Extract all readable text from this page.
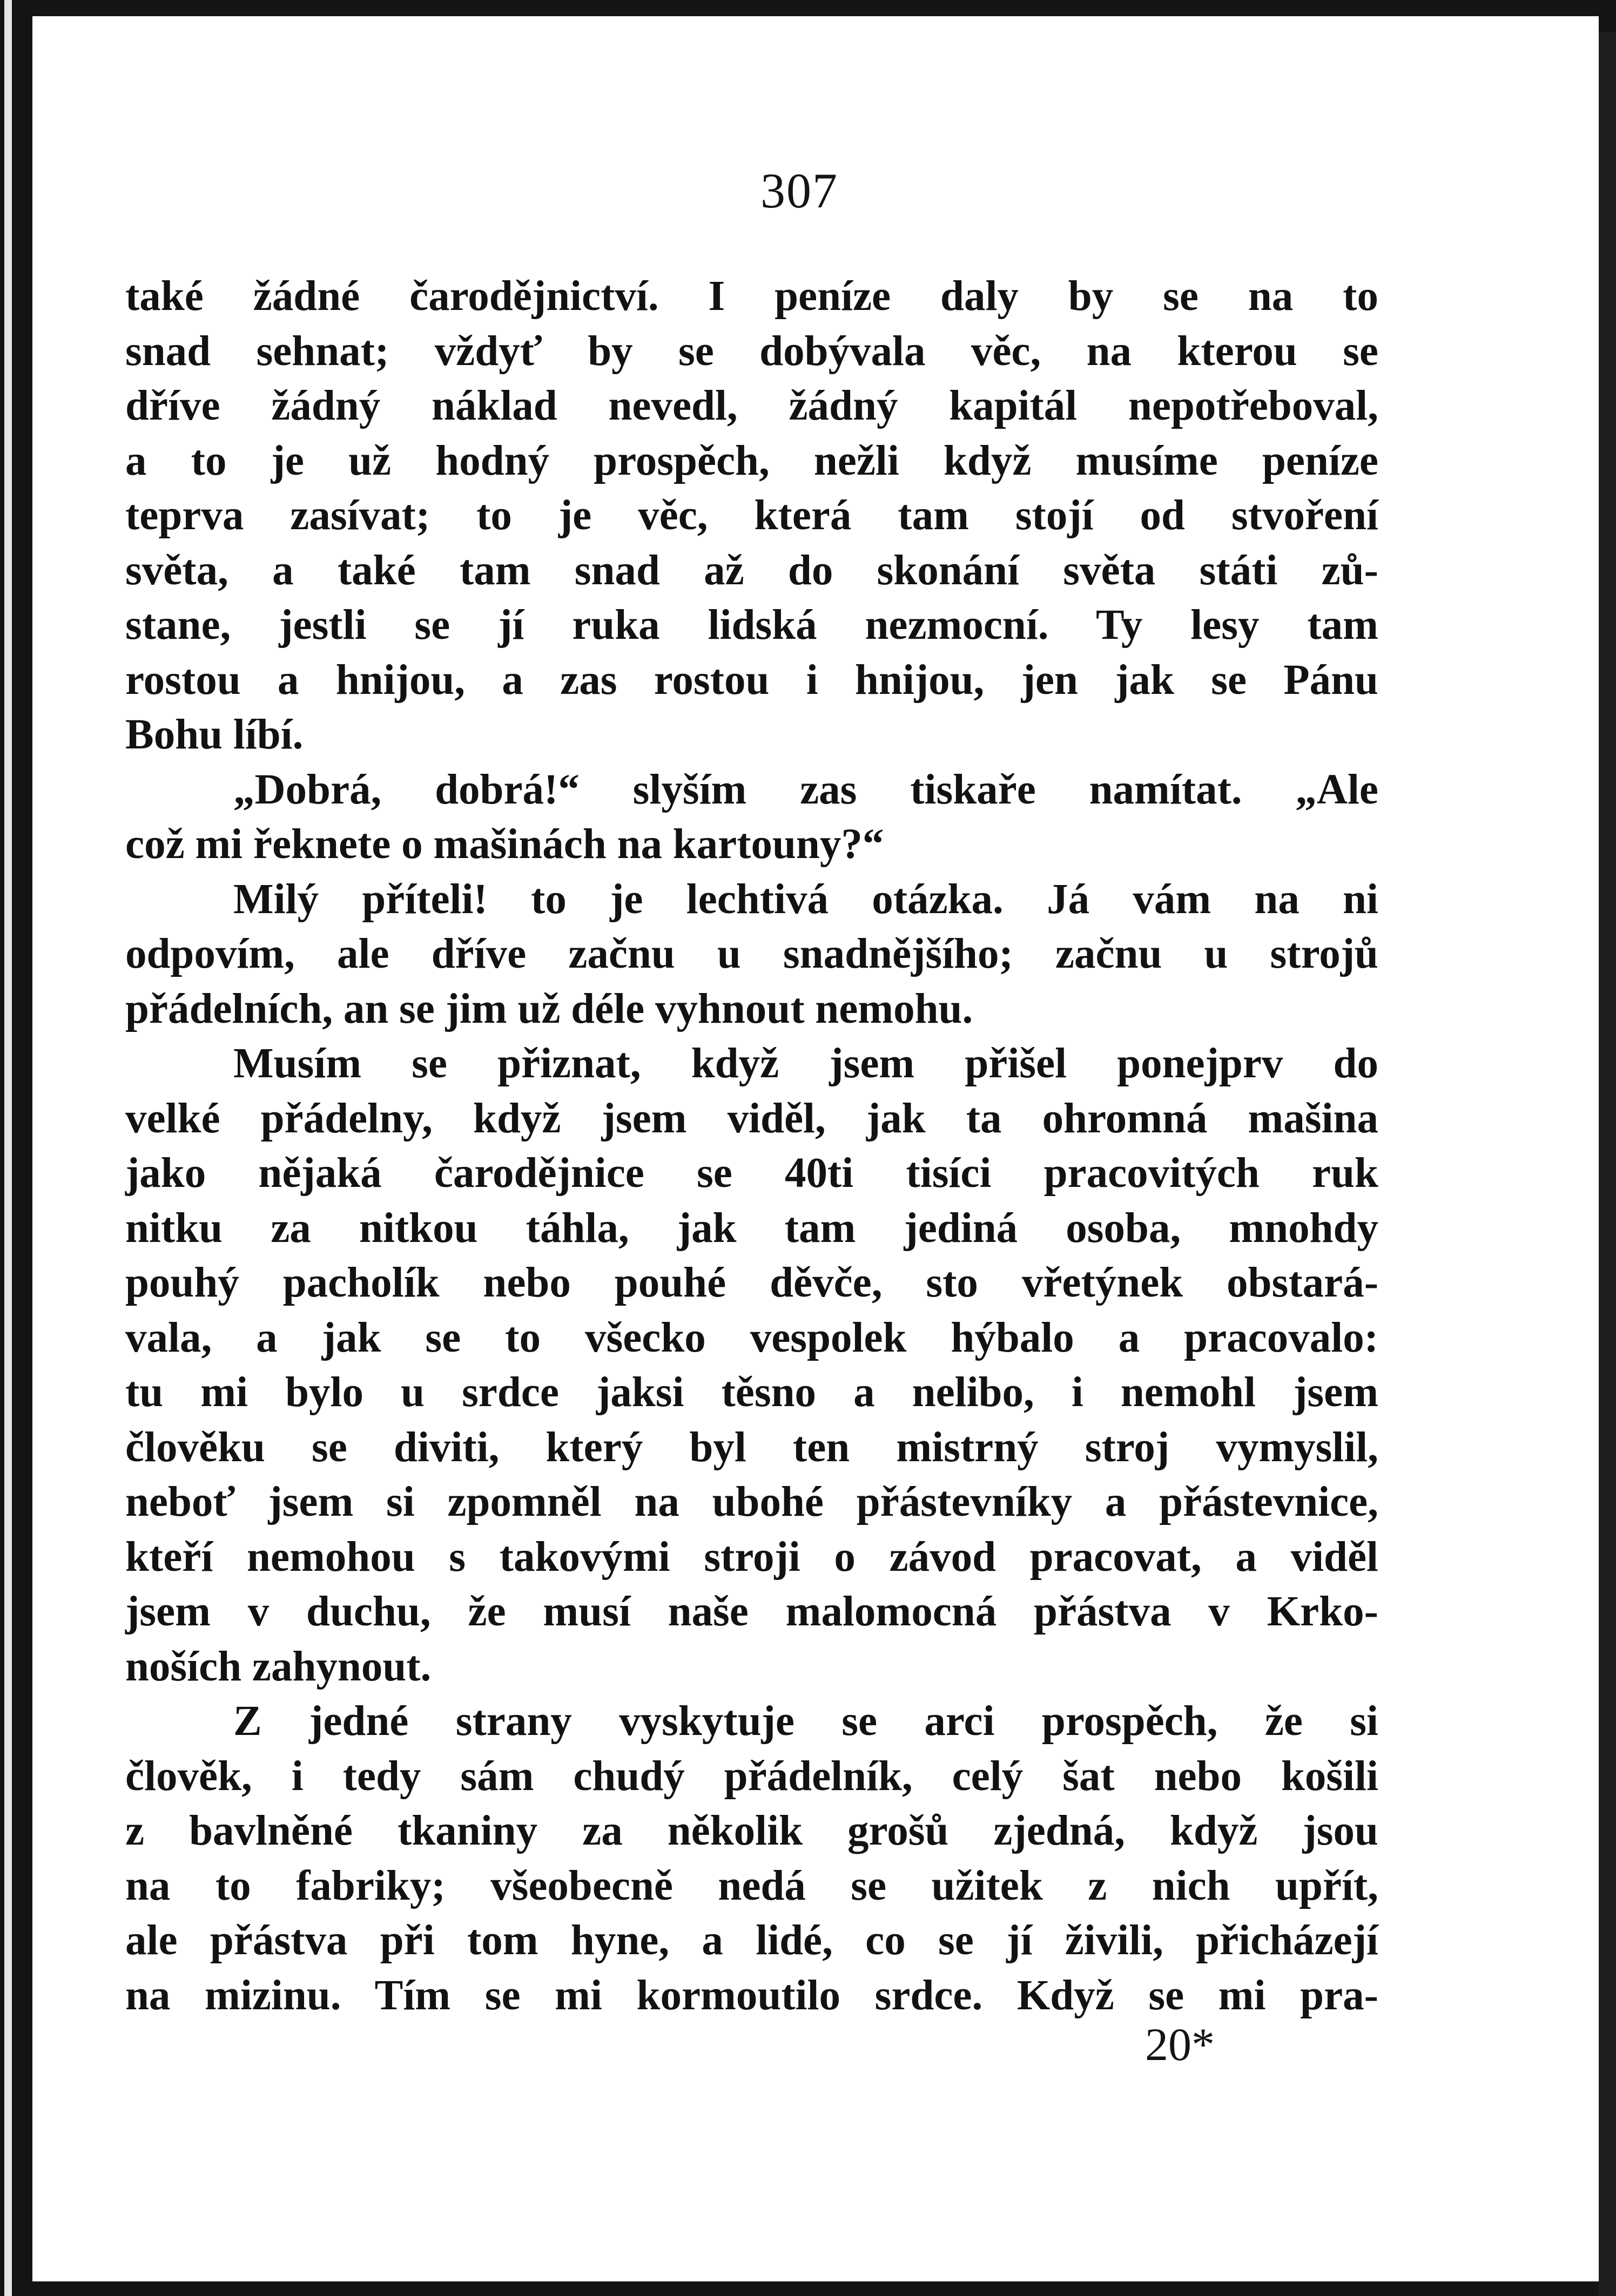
307
také žádné čarodějnictví. I peníze daly by se na to
snad sehnat; vždyť by se dobývala věc, na kterou se
dříve žádný náklad nevedl, žádný kapitál nepotřeboval,
a to je už hodný prospěch, nežli když musíme peníze
teprva zasívat; to je věc, která tam stojí od stvoření
světa, a také tam snad až do skonání světa státi zů-
stane, jestli se jí ruka lidská nezmocní. Ty lesy tam
rostou a hnijou, a zas rostou i hnijou, jen jak se Pánu
Bohu líbí.
„Dobrá, dobrá!“ slyším zas tiskaře namítat. „Ale
což mi řeknete o mašinách na kartouny?“
Milý příteli! to je lechtivá otázka. Já vám na ni
odpovím, ale dříve začnu u snadnějšího; začnu u strojů
přádelních, an se jim už déle vyhnout nemohu.
Musím se přiznat, když jsem přišel ponejprv do
velké přádelny, když jsem viděl, jak ta ohromná mašina
jako nějaká čarodějnice se 40ti tisíci pracovitých ruk
nitku za nitkou táhla, jak tam jediná osoba, mnohdy
pouhý pacholík nebo pouhé děvče, sto vřetýnek obstará-
vala, a jak se to všecko vespolek hýbalo a pracovalo:
tu mi bylo u srdce jaksi těsno a nelibo, i nemohl jsem
člověku se diviti, který byl ten mistrný stroj vymyslil,
neboť jsem si zpomněl na ubohé přástevníky a přástevnice,
kteří nemohou s takovými stroji o závod pracovat, a viděl
jsem v duchu, že musí naše malomocná přástva v Krko-
noších zahynout.
Z jedné strany vyskytuje se arci prospěch, že si
člověk, i tedy sám chudý přádelník, celý šat nebo košili
z bavlněné tkaniny za několik grošů zjedná, když jsou
na to fabriky; všeobecně nedá se užitek z nich upřít,
ale přástva při tom hyne, a lidé, co se jí živili, přicházejí
na mizinu. Tím se mi kormoutilo srdce. Když se mi pra-
20*
